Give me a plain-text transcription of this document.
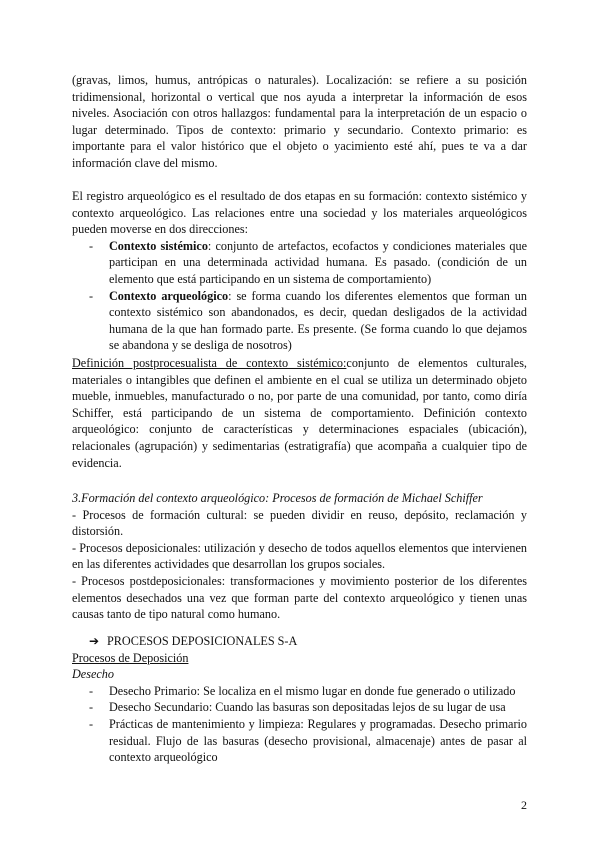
(gravas, limos, humus, antrópicas o naturales). Localización: se refiere a su posición tridimensional, horizontal o vertical que nos ayuda a interpretar la información de esos niveles. Asociación con otros hallazgos: fundamental para la interpretación de un espacio o lugar determinado. Tipos de contexto: primario y secundario. Contexto primario: es importante para el valor histórico que el objeto o yacimiento esté ahí, pues te va a dar información clave del mismo.

El registro arqueológico es el resultado de dos etapas en su formación: contexto sistémico y contexto arqueológico. Las relaciones entre una sociedad y los materiales arqueológicos pueden moverse en dos direcciones:

- Contexto sistémico: conjunto de artefactos, ecofactos y condiciones materiales que participan en una determinada actividad humana. Es pasado. (condición de un elemento que está participando en un sistema de comportamiento)
- Contexto arqueológico: se forma cuando los diferentes elementos que forman un contexto sistémico son abandonados, es decir, quedan desligados de la actividad humana de la que han formado parte. Es presente. (Se forma cuando lo que dejamos se abandona y se desliga de nosotros)

Definición postprocesualista de contexto sistémico:conjunto de elementos culturales, materiales o intangibles que definen el ambiente en el cual se utiliza un determinado objeto mueble, inmuebles, manufacturado o no, por parte de una comunidad, por tanto, como diría Schiffer, está participando de un sistema de comportamiento. Definición contexto arqueológico: conjunto de características y determinaciones espaciales (ubicación), relacionales (agrupación) y sedimentarias (estratigrafía) que acompaña a cualquier tipo de evidencia.

3.Formación del contexto arqueológico: Procesos de formación de Michael Schiffer􏰀
- Procesos de formación cultural: se pueden dividir en reuso, depósito, reclamación y distorsión.
- Procesos deposicionales: utilización y desecho de todos aquellos elementos que intervienen en las diferentes actividades que desarrollan los grupos sociales.
- Procesos postdeposicionales: transformaciones y movimiento posterior de los diferentes elementos desechados una vez que forman parte del contexto arqueológico y tienen unas causas tanto de tipo natural como humano.
➔ PROCESOS DEPOSICIONALES S-A
Procesos de Deposición
Desecho
- Desecho Primario: Se localiza en el mismo lugar en donde fue generado o utilizado
- Desecho Secundario: Cuando las basuras son depositadas lejos de su lugar de usa
- Prácticas de mantenimiento y limpieza: Regulares y programadas. Desecho primario residual. Flujo de las basuras (desecho provisional, almacenaje) antes de pasar al contexto arqueológico
2
